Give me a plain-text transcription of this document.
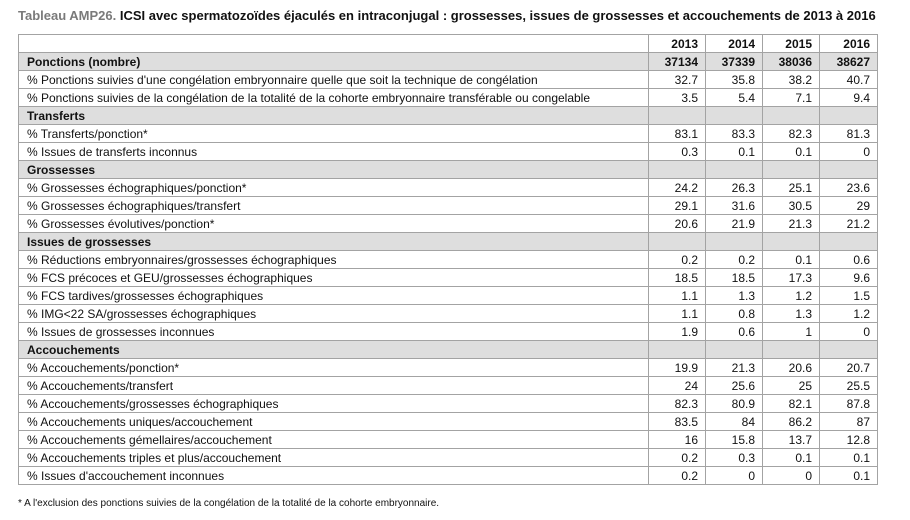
Tableau AMP26. ICSI avec spermatozoïdes éjaculés en intraconjugal : grossesses, issues de grossesses et accouchements de 2013 à 2016
	2013	2014	2015	2016
Ponctions (nombre)	37134	37339	38036	38627
% Ponctions suivies d'une congélation embryonnaire quelle que soit la technique de congélation	32.7	35.8	38.2	40.7
% Ponctions suivies de la congélation de la totalité de la cohorte embryonnaire transférable ou congelable	3.5	5.4	7.1	9.4
Transferts				
% Transferts/ponction*	83.1	83.3	82.3	81.3
% Issues de transferts inconnus	0.3	0.1	0.1	0
Grossesses				
% Grossesses échographiques/ponction*	24.2	26.3	25.1	23.6
% Grossesses échographiques/transfert	29.1	31.6	30.5	29
% Grossesses évolutives/ponction*	20.6	21.9	21.3	21.2
Issues de grossesses				
% Réductions embryonnaires/grossesses échographiques	0.2	0.2	0.1	0.6
% FCS précoces et GEU/grossesses échographiques	18.5	18.5	17.3	9.6
% FCS tardives/grossesses échographiques	1.1	1.3	1.2	1.5
% IMG<22 SA/grossesses échographiques	1.1	0.8	1.3	1.2
% Issues de grossesses inconnues	1.9	0.6	1	0
Accouchements				
% Accouchements/ponction*	19.9	21.3	20.6	20.7
% Accouchements/transfert	24	25.6	25	25.5
% Accouchements/grossesses échographiques	82.3	80.9	82.1	87.8
% Accouchements uniques/accouchement	83.5	84	86.2	87
% Accouchements gémellaires/accouchement	16	15.8	13.7	12.8
% Accouchements triples et plus/accouchement	0.2	0.3	0.1	0.1
% Issues d'accouchement inconnues	0.2	0	0	0.1
* A l'exclusion des ponctions suivies de la congélation de la totalité de la cohorte embryonnaire.
